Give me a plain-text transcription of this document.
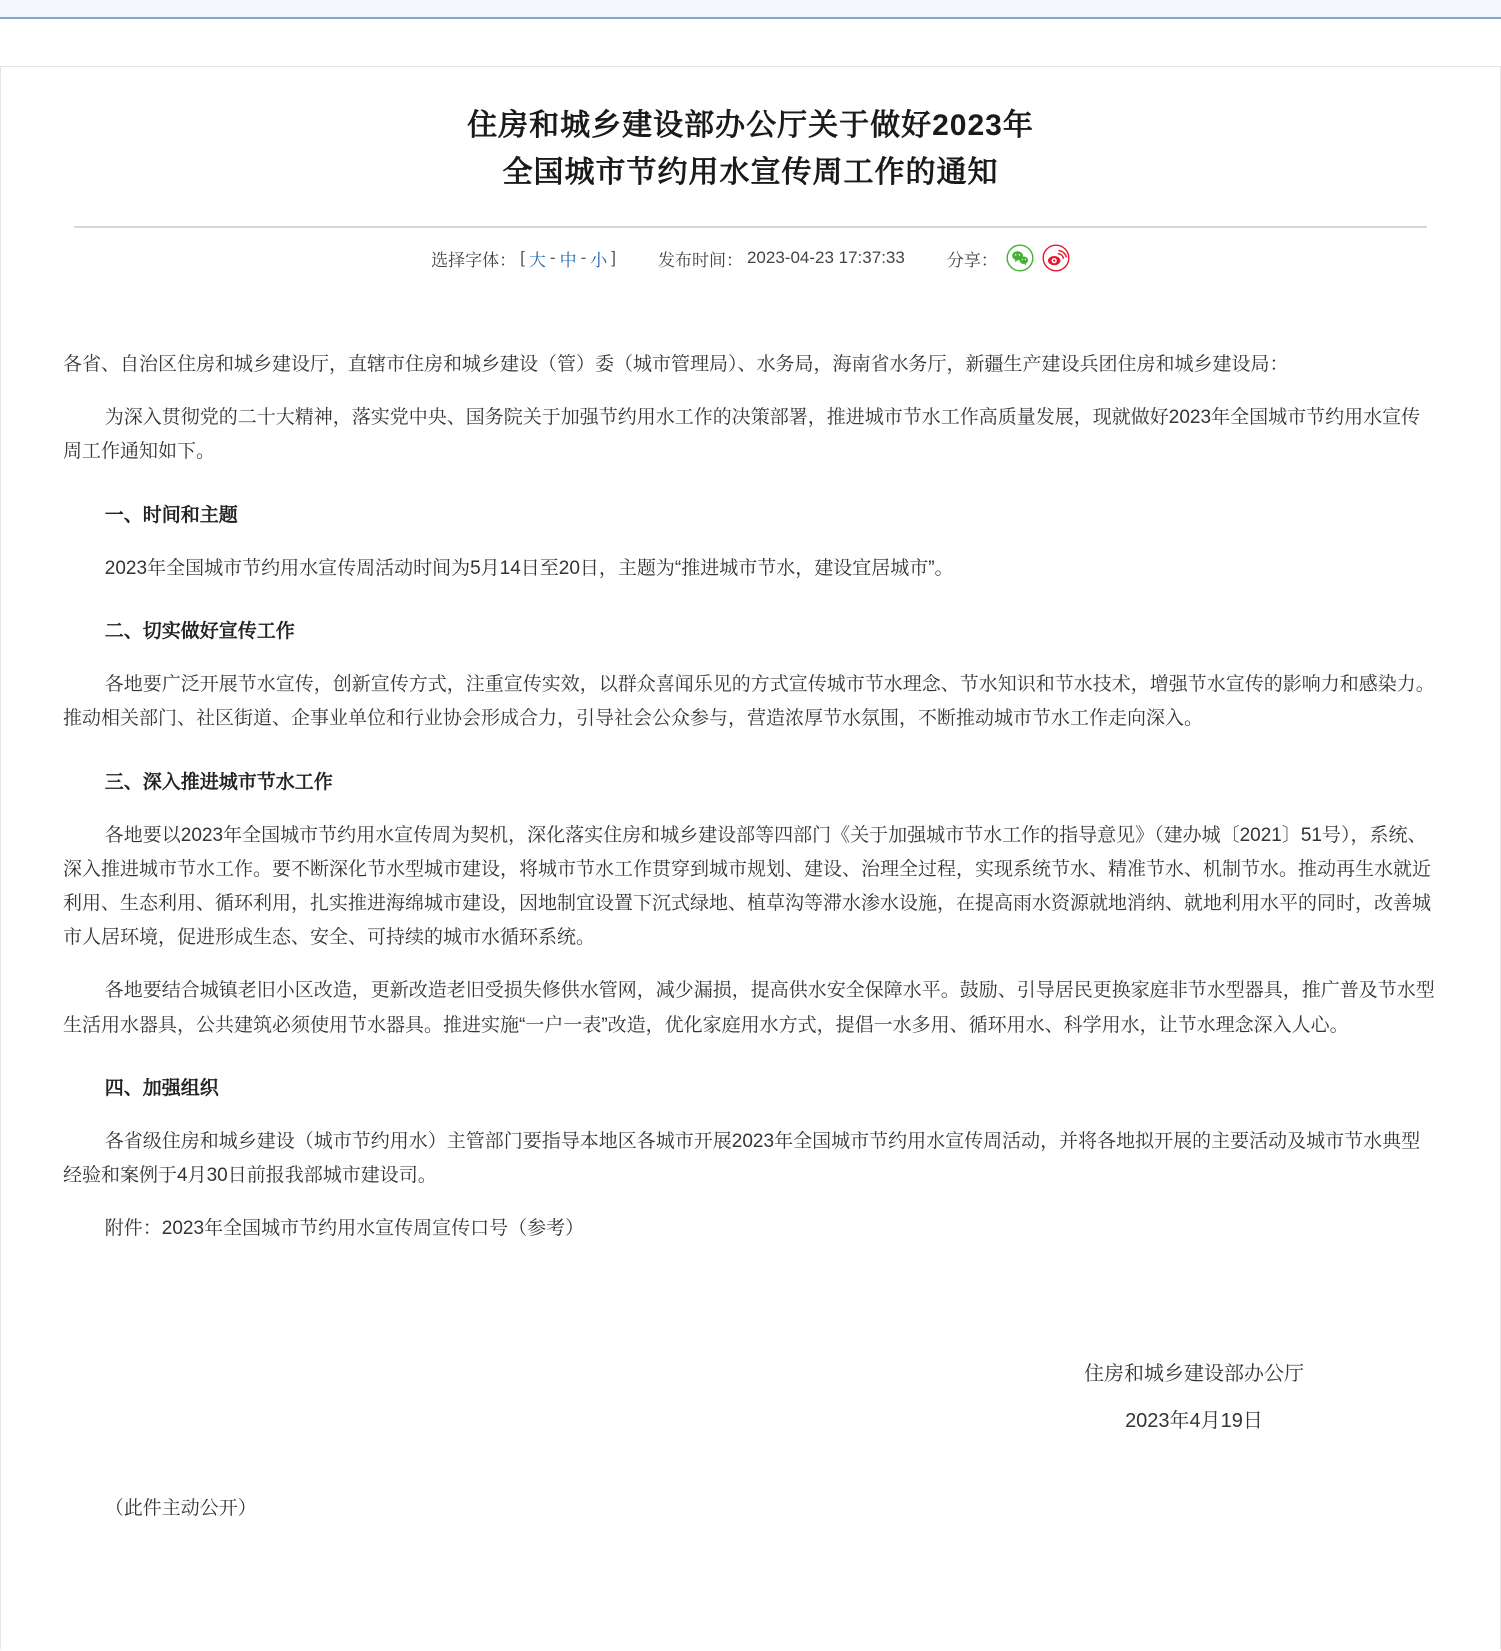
住房和城乡建设部办公厅关于做好2023年
全国城市节约用水宣传周工作的通知
选择字体： [ 大 - 中 - 小 ] 发布时间： 2023-04-23 17:37:33 分享：

各省、自治区住房和城乡建设厅，直辖市住房和城乡建设（管）委（城市管理局）、水务局，海南省水务厅，新疆生产建设兵团住房和城乡建设局：

为深入贯彻党的二十大精神，落实党中央、国务院关于加强节约用水工作的决策部署，推进城市节水工作高质量发展，现就做好2023年全国城市节约用水宣传周工作通知如下。

一、时间和主题

2023年全国城市节约用水宣传周活动时间为5月14日至20日，主题为“推进城市节水，建设宜居城市”。

二、切实做好宣传工作

各地要广泛开展节水宣传，创新宣传方式，注重宣传实效，以群众喜闻乐见的方式宣传城市节水理念、节水知识和节水技术，增强节水宣传的影响力和感染力。推动相关部门、社区街道、企事业单位和行业协会形成合力，引导社会公众参与，营造浓厚节水氛围，不断推动城市节水工作走向深入。

三、深入推进城市节水工作

各地要以2023年全国城市节约用水宣传周为契机，深化落实住房和城乡建设部等四部门《关于加强城市节水工作的指导意见》（建办城〔2021〕51号），系统、深入推进城市节水工作。要不断深化节水型城市建设，将城市节水工作贯穿到城市规划、建设、治理全过程，实现系统节水、精准节水、机制节水。推动再生水就近利用、生态利用、循环利用，扎实推进海绵城市建设，因地制宜设置下沉式绿地、植草沟等滞水渗水设施，在提高雨水资源就地消纳、就地利用水平的同时，改善城市人居环境，促进形成生态、安全、可持续的城市水循环系统。

各地要结合城镇老旧小区改造，更新改造老旧受损失修供水管网，减少漏损，提高供水安全保障水平。鼓励、引导居民更换家庭非节水型器具，推广普及节水型生活用水器具，公共建筑必须使用节水器具。推进实施“一户一表”改造，优化家庭用水方式，提倡一水多用、循环用水、科学用水，让节水理念深入人心。

四、加强组织

各省级住房和城乡建设（城市节约用水）主管部门要指导本地区各城市开展2023年全国城市节约用水宣传周活动，并将各地拟开展的主要活动及城市节水典型经验和案例于4月30日前报我部城市建设司。

附件：2023年全国城市节约用水宣传周宣传口号（参考）

住房和城乡建设部办公厅
2023年4月19日
（此件主动公开）
